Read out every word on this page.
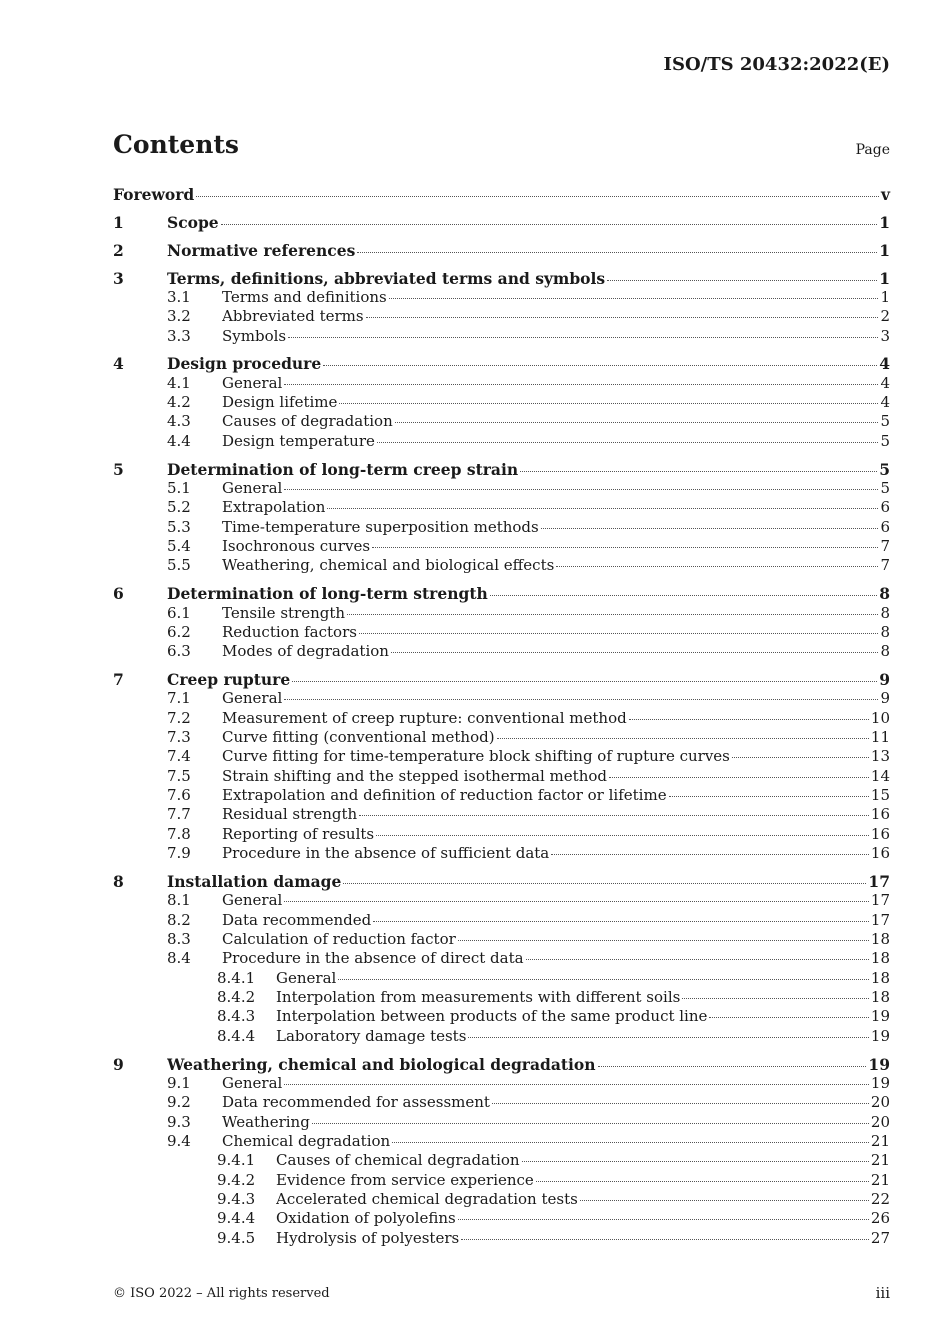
ISO/TS 20432:2022(E)
Contents	Page
Foreword	v
1	Scope	1
2	Normative references	1
3	Terms, definitions, abbreviated terms and symbols	1
3.1	Terms and definitions	1
3.2	Abbreviated terms	2
3.3	Symbols	3
4	Design procedure	4
4.1	General	4
4.2	Design lifetime	4
4.3	Causes of degradation	5
4.4	Design temperature	5
5	Determination of long-term creep strain	5
5.1	General	5
5.2	Extrapolation	6
5.3	Time-temperature superposition methods	6
5.4	Isochronous curves	7
5.5	Weathering, chemical and biological effects	7
6	Determination of long-term strength	8
6.1	Tensile strength	8
6.2	Reduction factors	8
6.3	Modes of degradation	8
7	Creep rupture	9
7.1	General	9
7.2	Measurement of creep rupture: conventional method	10
7.3	Curve fitting (conventional method)	11
7.4	Curve fitting for time-temperature block shifting of rupture curves	13
7.5	Strain shifting and the stepped isothermal method	14
7.6	Extrapolation and definition of reduction factor or lifetime	15
7.7	Residual strength	16
7.8	Reporting of results	16
7.9	Procedure in the absence of sufficient data	16
8	Installation damage	17
8.1	General	17
8.2	Data recommended	17
8.3	Calculation of reduction factor	18
8.4	Procedure in the absence of direct data	18
8.4.1	General	18
8.4.2	Interpolation from measurements with different soils	18
8.4.3	Interpolation between products of the same product line	19
8.4.4	Laboratory damage tests	19
9	Weathering, chemical and biological degradation	19
9.1	General	19
9.2	Data recommended for assessment	20
9.3	Weathering	20
9.4	Chemical degradation	21
9.4.1	Causes of chemical degradation	21
9.4.2	Evidence from service experience	21
9.4.3	Accelerated chemical degradation tests	22
9.4.4	Oxidation of polyolefins	26
9.4.5	Hydrolysis of polyesters	27
© ISO 2022 – All rights reserved	iii
